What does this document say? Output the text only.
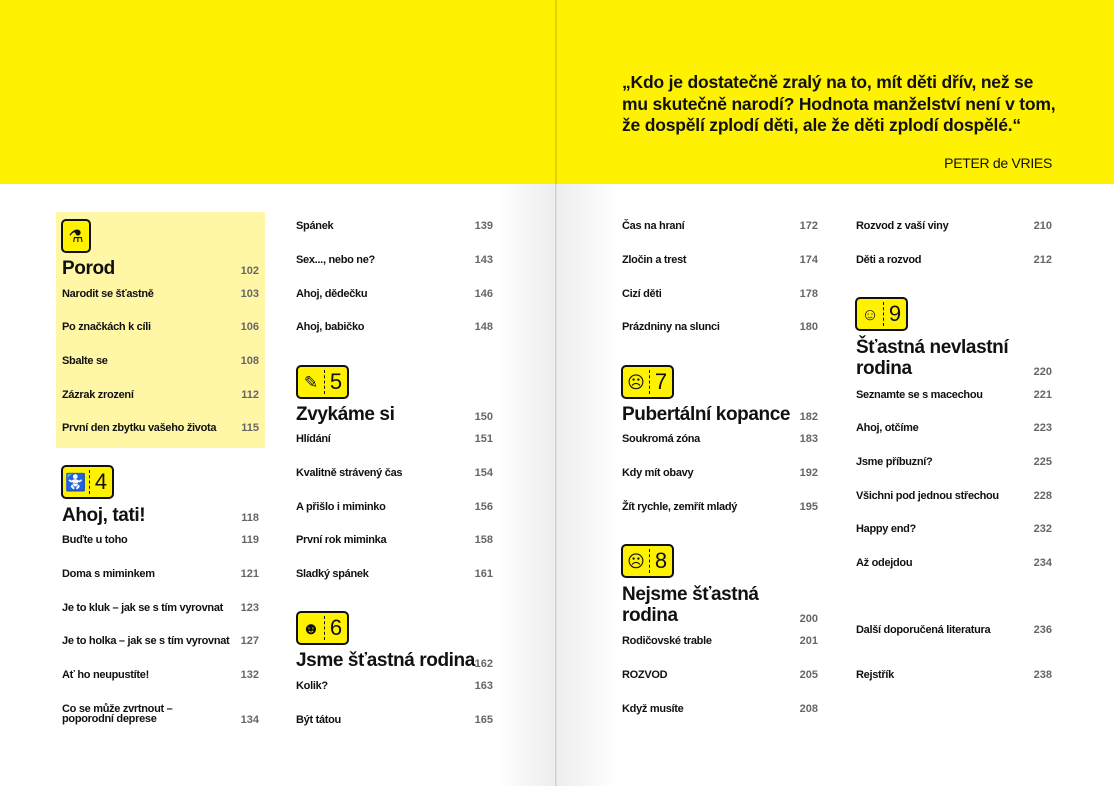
„Kdo je dostatečně zralý na to, mít děti dřív, než se mu skutečně narodí? Hodnota manželství není v tom, že dospělí zplodí děti, ale že děti zplodí dospělé.“
PETER de VRIES
⚗
Porod	102
Narodit se šťastně	103
Po značkách k cíli	106
Sbalte se	108
Zázrak zrození	112
První den zbytku vašeho života	115
🚼 4
Ahoj, tati!	118
Buďte u toho	119
Doma s miminkem	121
Je to kluk – jak se s tím vyrovnat	123
Je to holka – jak se s tím vyrovnat	127
Ať ho neupustíte!	132
Co se může zvrtnout – poporodní deprese	134
Spánek	139
Sex..., nebo ne?	143
Ahoj, dědečku	146
Ahoj, babičko	148
✎ 5
Zvykáme si	150
Hlídání	151
Kvalitně strávený čas	154
A přišlo i miminko	156
První rok miminka	158
Sladký spánek	161
☻ 6
Jsme šťastná rodina 162
Kolik?	163
Být tátou	165
Čas na hraní	172
Zločin a trest	174
Cizí děti	178
Prázdniny na slunci	180
☹ 7
Pubertální kopance 182
Soukromá zóna	183
Kdy mít obavy	192
Žít rychle, zemřít mladý	195
☹ 8
Nejsme šťastná rodina	200
Rodičovské trable	201
ROZVOD	205
Když musíte	208
Rozvod z vaší viny	210
Děti a rozvod	212
☺ 9
Šťastná nevlastní rodina	220
Seznamte se s macechou	221
Ahoj, otčíme	223
Jsme příbuzní?	225
Všichni pod jednou střechou	228
Happy end?	232
Až odejdou	234
Další doporučená literatura	236
Rejstřík	238
